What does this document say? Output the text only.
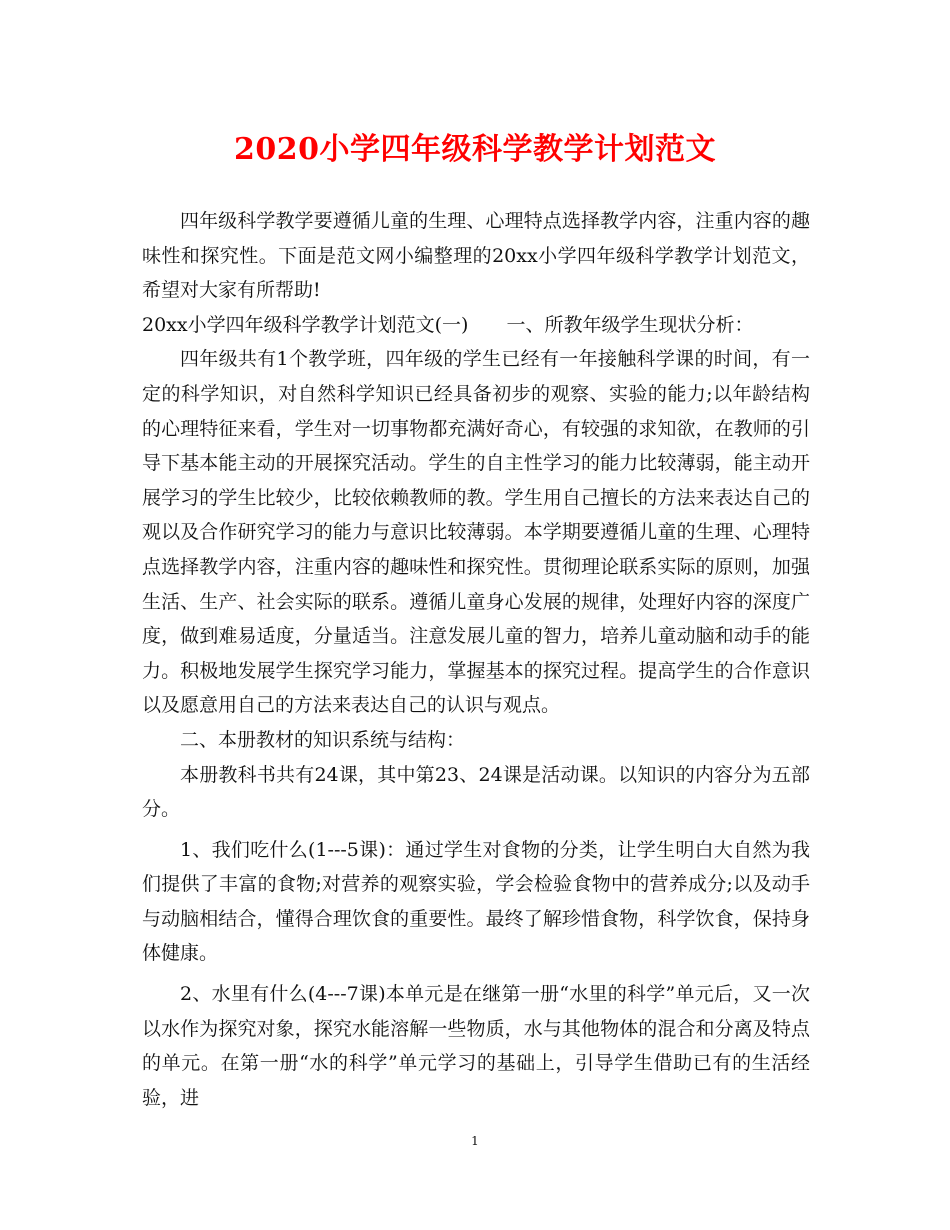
2020小学四年级科学教学计划范文

四年级科学教学要遵循儿童的生理、心理特点选择教学内容，注重内容的趣味性和探究性。下面是范文网小编整理的20xx小学四年级科学教学计划范文，希望对大家有所帮助!

20xx小学四年级科学教学计划范文(一) 一、所教年级学生现状分析：

四年级共有1个教学班，四年级的学生已经有一年接触科学课的时间，有一定的科学知识，对自然科学知识已经具备初步的观察、实验的能力;以年龄结构的心理特征来看，学生对一切事物都充满好奇心，有较强的求知欲，在教师的引导下基本能主动的开展探究活动。学生的自主性学习的能力比较薄弱，能主动开展学习的学生比较少，比较依赖教师的教。学生用自己擅长的方法来表达自己的观以及合作研究学习的能力与意识比较薄弱。本学期要遵循儿童的生理、心理特点选择教学内容，注重内容的趣味性和探究性。贯彻理论联系实际的原则，加强生活、生产、社会实际的联系。遵循儿童身心发展的规律，处理好内容的深度广度，做到难易适度，分量适当。注意发展儿童的智力，培养儿童动脑和动手的能力。积极地发展学生探究学习能力，掌握基本的探究过程。提高学生的合作意识以及愿意用自己的方法来表达自己的认识与观点。

二、本册教材的知识系统与结构：

本册教科书共有24课，其中第23、24课是活动课。以知识的内容分为五部分。

1、我们吃什么(1---5课)：通过学生对食物的分类，让学生明白大自然为我们提供了丰富的食物;对营养的观察实验，学会检验食物中的营养成分;以及动手与动脑相结合，懂得合理饮食的重要性。最终了解珍惜食物，科学饮食，保持身体健康。

2、水里有什么(4---7课)本单元是在继第一册“水里的科学”单元后，又一次以水作为探究对象，探究水能溶解一些物质，水与其他物体的混合和分离及特点的单元。在第一册“水的科学”单元学习的基础上，引导学生借助已有的生活经验，进

1
